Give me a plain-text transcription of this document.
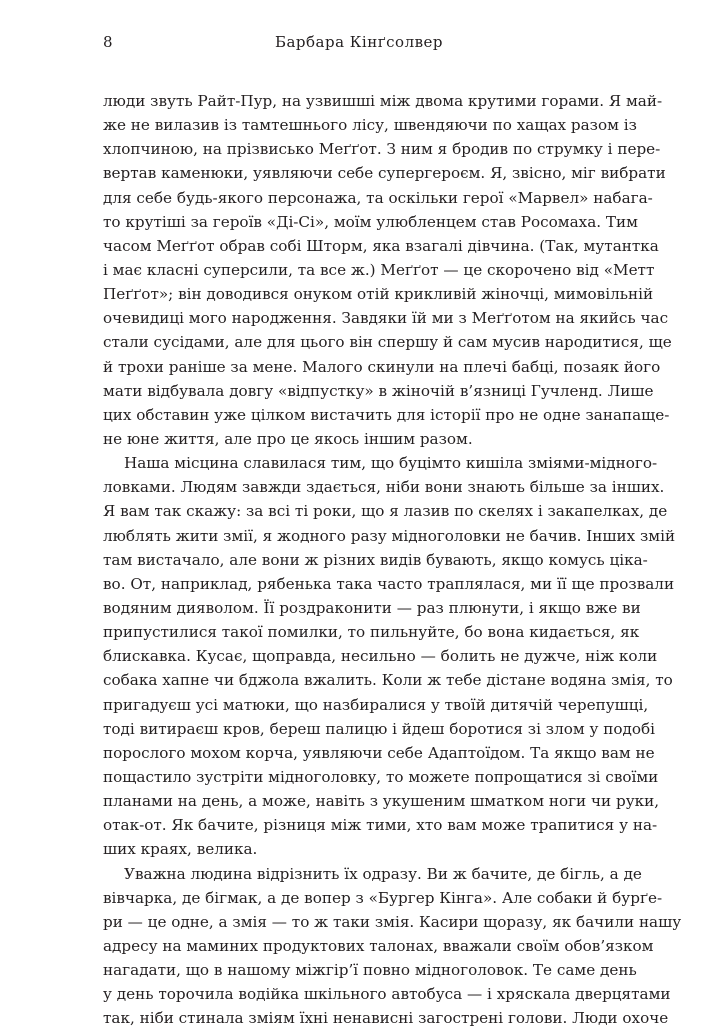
8	Барбара Кінґсолвер
люди звуть Райт-Пур, на узвишші між двома крутими горами. Я май-
же не вилазив із тамтешнього лісу, швендяючи по хащах разом із
хлопчиною, на прізвисько Меґґот. З ним я бродив по струмку і пере-
вертав каменюки, уявляючи себе супергероєм. Я, звісно, міг вибрати
для себе будь-якого персонажа, та оскільки герої «Марвел» набага-
то крутіші за героїв «Ді-Сі», моїм улюбленцем став Росомаха. Тим
часом Меґґот обрав собі Шторм, яка взагалі дівчина. (Так, мутантка
і має класні суперсили, та все ж.) Меґґот — це скорочено від «Метт
Пеґґот»; він доводився онуком отій крикливій жіночці, мимовільній
очевидиці мого народження. Завдяки їй ми з Меґґотом на якийсь час
стали сусідами, але для цього він спершу й сам мусив народитися, ще
й трохи раніше за мене. Малого скинули на плечі бабці, позаяк його
мати відбувала довгу «відпустку» в жіночій в’язниці Гучленд. Лише
цих обставин уже цілком вистачить для історії про не одне занапаще-
не юне життя, але про це якось іншим разом.
Наша місцина славилася тим, що буцімто кишіла зміями-мідного-
ловками. Людям завжди здається, ніби вони знають більше за інших.
Я вам так скажу: за всі ті роки, що я лазив по скелях і закапелках, де
люблять жити змії, я жодного разу мідноголовки не бачив. Інших змій
там вистачало, але вони ж різних видів бувають, якщо комусь ціка-
во. От, наприклад, рябенька така часто траплялася, ми її ще прозвали
водяним дияволом. Її роздраконити — раз плюнути, і якщо вже ви
припустилися такої помилки, то пильнуйте, бо вона кидається, як
блискавка. Кусає, щоправда, несильно — болить не дужче, ніж коли
собака хапне чи бджола вжалить. Коли ж тебе дістане водяна змія, то
пригадуєш усі матюки, що назбиралися у твоїй дитячій черепушці,
тоді витираєш кров, береш палицю і йдеш боротися зі злом у подобі
порослого мохом корча, уявляючи себе Адаптоїдом. Та якщо вам не
пощастило зустріти мідноголовку, то можете попрощатися зі своїми
планами на день, а може, навіть з укушеним шматком ноги чи руки,
отак-от. Як бачите, різниця між тими, хто вам може трапитися у на-
ших краях, велика.
Уважна людина відрізнить їх одразу. Ви ж бачите, де бігль, а де
вівчарка, де бігмак, а де вопер з «Бургер Кінга». Але собаки й бурґе-
ри — це одне, а змія — то ж таки змія. Касири щоразу, як бачили нашу
адресу на маминих продуктових талонах, вважали своїм обов’язком
нагадати, що в нашому міжгір’ї повно мідноголовок. Те саме день
у день торочила водійка шкільного автобуса — і хряскала дверцятами
так, ніби стинала зміям їхні ненависні загострені голови. Люди охоче
